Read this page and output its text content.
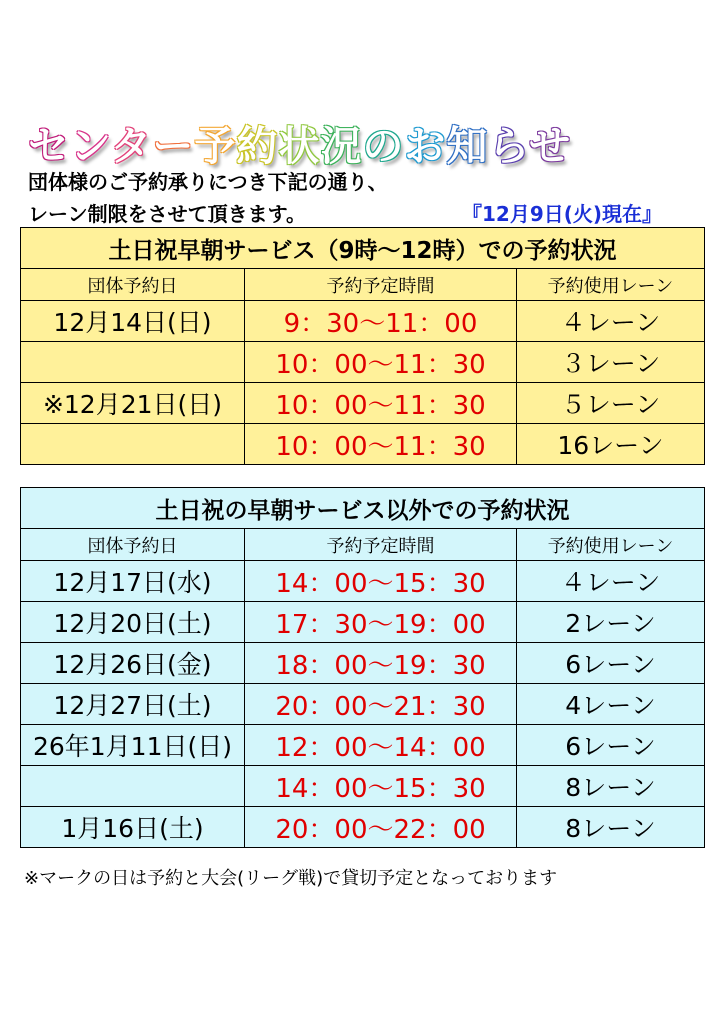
センター予約状況のお知らせ
団体様のご予約承りにつき下記の通り、
レーン制限をさせて頂きます。	『12月9日(火)現在』
土日祝早朝サービス（9時～12時）での予約状況		
団体予約日	予約予定時間	予約使用レーン
12月14日(日)	9：30～11：00	４レーン
	10：00～11：30	３レーン
※12月21日(日)	10：00～11：30	５レーン
	10：00～11：30	16レーン
土日祝の早朝サービス以外での予約状況		
団体予約日	予約予定時間	予約使用レーン
12月17日(水)	14：00～15：30	４レーン
12月20日(土)	17：30～19：00	2レーン
12月26日(金)	18：00～19：30	6レーン
12月27日(土)	20：00～21：30	4レーン
26年1月11日(日)	12：00～14：00	6レーン
	14：00～15：30	8レーン
1月16日(土)	20：00～22：00	8レーン
※マークの日は予約と大会(リーグ戦)で貸切予定となっております
